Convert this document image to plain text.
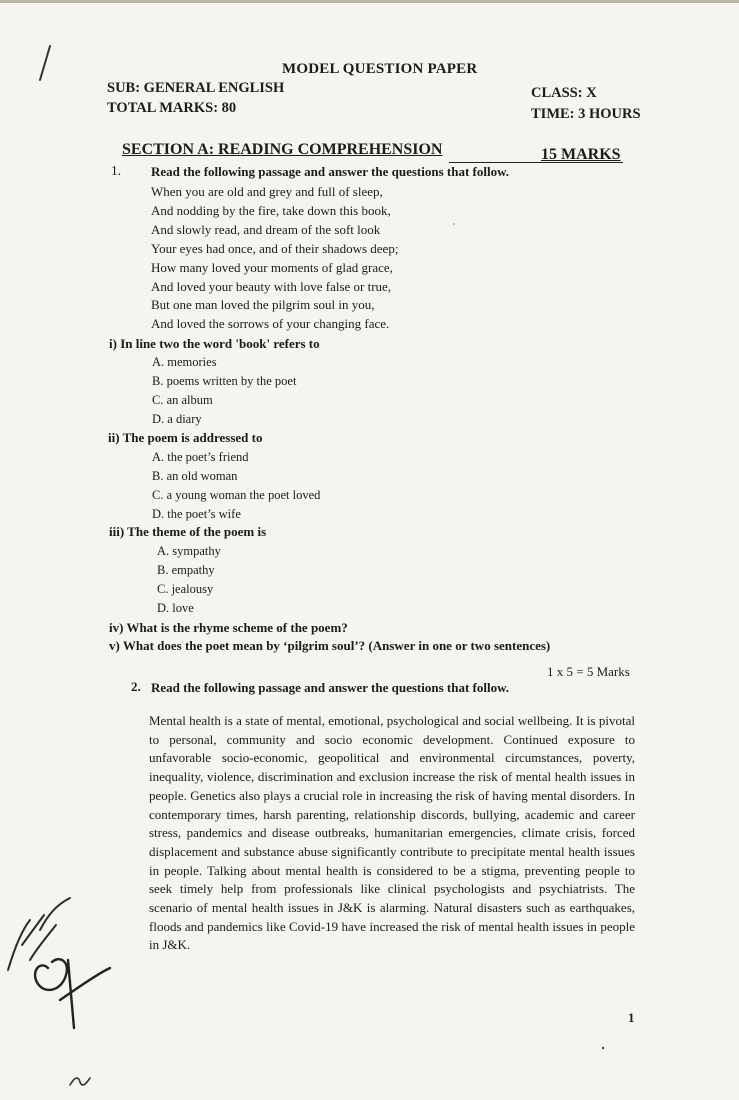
MODEL QUESTION PAPER
SUB: GENERAL ENGLISH
TOTAL MARKS: 80
CLASS: X
TIME: 3 HOURS
SECTION A: READING COMPREHENSION	15 MARKS
1. Read the following passage and answer the questions that follow.
When you are old and grey and full of sleep,
And nodding by the fire, take down this book,
And slowly read, and dream of the soft look
Your eyes had once, and of their shadows deep;
How many loved your moments of glad grace,
And loved your beauty with love false or true,
But one man loved the pilgrim soul in you,
And loved the sorrows of your changing face.
i) In line two the word 'book' refers to
A. memories
B. poems written by the poet
C. an album
D. a diary
ii) The poem is addressed to
A. the poet’s friend
B. an old woman
C. a young woman the poet loved
D. the poet’s wife
iii) The theme of the poem is
A. sympathy
B. empathy
C. jealousy
D. love
iv) What is the rhyme scheme of the poem?
v) What does the poet mean by ‘pilgrim soul’? (Answer in one or two sentences)
1 x 5 = 5 Marks
2. Read the following passage and answer the questions that follow.
Mental health is a state of mental, emotional, psychological and social wellbeing. It is pivotal to personal, community and socio economic development. Continued exposure to unfavorable socio-economic, geopolitical and environmental circumstances, poverty, inequality, violence, discrimination and exclusion increase the risk of mental health issues in people. Genetics also plays a crucial role in increasing the risk of having mental disorders. In contemporary times, harsh parenting, relationship discords, bullying, academic and career stress, pandemics and disease outbreaks, humanitarian emergencies, climate crisis, forced displacement and substance abuse significantly contribute to precipitate mental health issues in people. Talking about mental health is considered to be a stigma, preventing people to seek timely help from professionals like clinical psychologists and psychiatrists. The scenario of mental health issues in J&K is alarming. Natural disasters such as earthquakes, floods and pandemics like Covid-19 have increased the risk of mental health issues in people in J&K.
1
